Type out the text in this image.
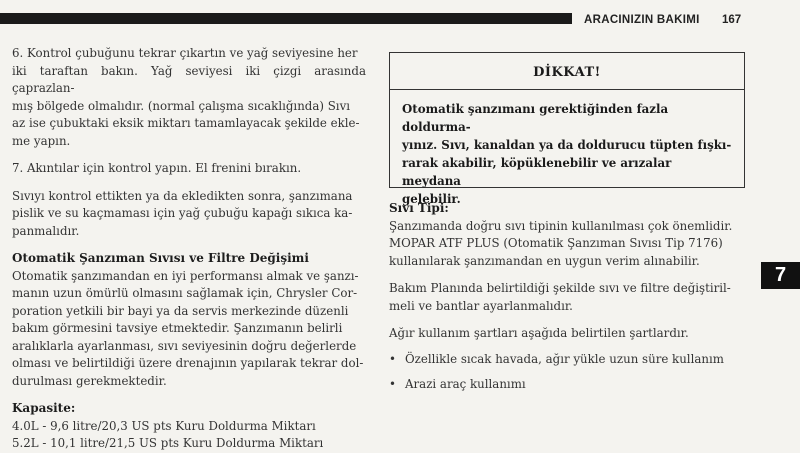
ARACINIZIN BAKIMI 167
6. Kontrol çubuğunu tekrar çıkartın ve yağ seviyesine her
iki taraftan bakın. Yağ seviyesi iki çizgi arasında çaprazlan-
mış bölgede olmalıdır. (normal çalışma sıcaklığında) Sıvı
az ise çubuktaki eksik miktarı tamamlayacak şekilde ekle-
me yapın.
7. Akıntılar için kontrol yapın. El frenini bırakın.
Sıvıyı kontrol ettikten ya da ekledikten sonra, şanzımana
pislik ve su kaçmaması için yağ çubuğu kapağı sıkıca ka-
panmalıdır.
Otomatik Şanzıman Sıvısı ve Filtre Değişimi
Otomatik şanzımandan en iyi performansı almak ve şanzı-
manın uzun ömürlü olmasını sağlamak için, Chrysler Cor-
poration yetkili bir bayi ya da servis merkezinde düzenli
bakım görmesini tavsiye etmektedir. Şanzımanın belirli
aralıklarla ayarlanması, sıvı seviyesinin doğru değerlerde
olması ve belirtildiği üzere drenajının yapılarak tekrar dol-
durulması gerekmektedir.
Kapasite:
4.0L - 9,6 litre/20,3 US pts Kuru Doldurma Miktarı
5.2L - 10,1 litre/21,5 US pts Kuru Doldurma Miktarı
DİKKAT!
Otomatik şanzımanı gerektiğinden fazla doldurma-
yınız. Sıvı, kanaldan ya da doldurucu tüpten fışkı-
rarak akabilir, köpüklenebilir ve arızalar meydana
gelebilir.
Sıvı Tipi:
Şanzımanda doğru sıvı tipinin kullanılması çok önemlidir.
MOPAR ATF PLUS (Otomatik Şanzıman Sıvısı Tip 7176)
kullanılarak şanzımandan en uygun verim alınabilir.
Bakım Planında belirtildiği şekilde sıvı ve filtre değiştiril-
meli ve bantlar ayarlanmalıdır.
Ağır kullanım şartları aşağıda belirtilen şartlardır.
• Özellikle sıcak havada, ağır yükle uzun süre kullanım
• Arazi araç kullanımı
7
